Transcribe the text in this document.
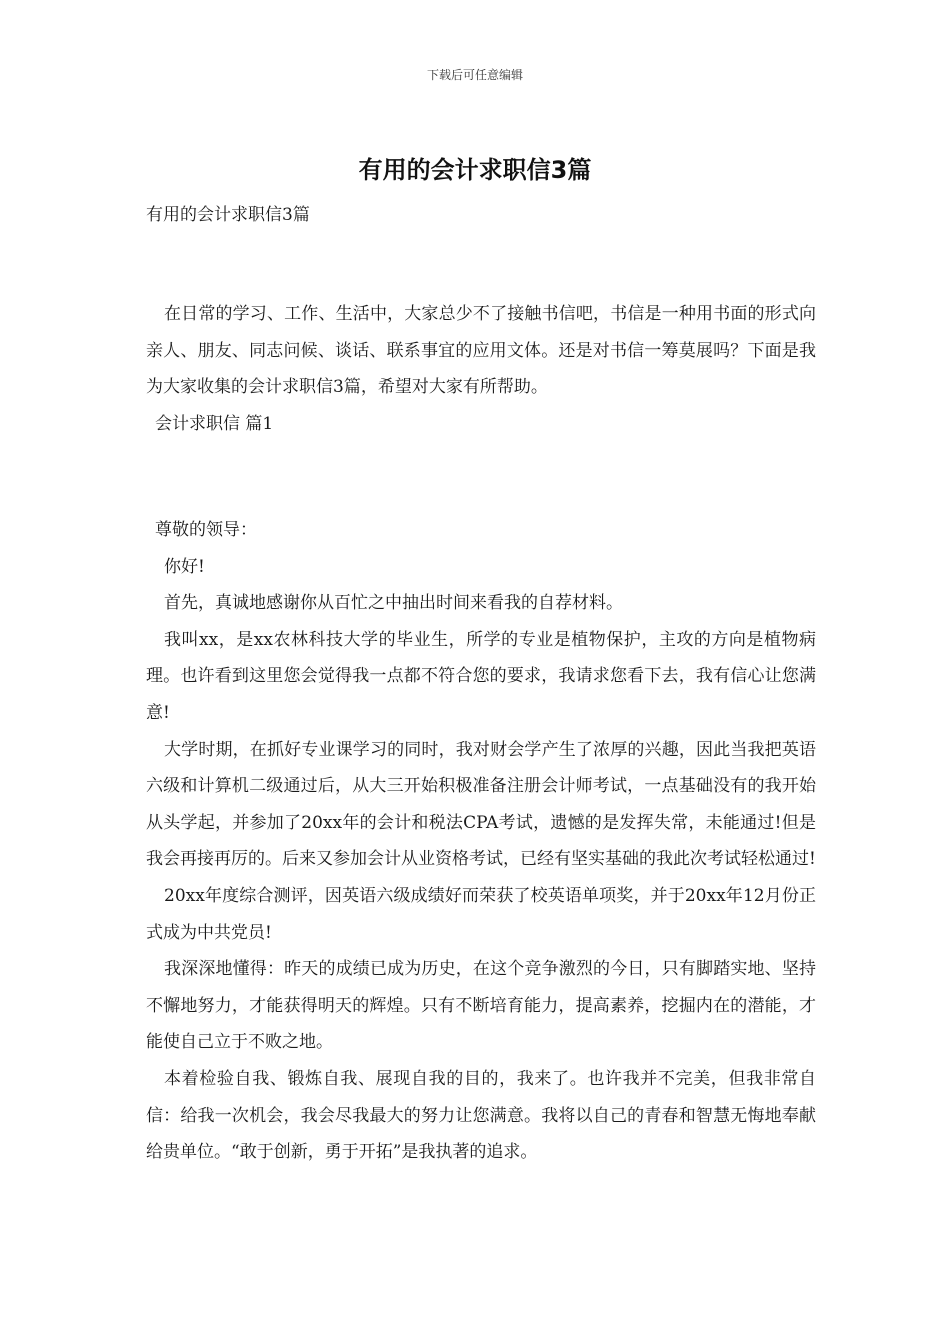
下载后可任意编辑
有用的会计求职信3篇
有用的会计求职信3篇

在日常的学习、工作、生活中，大家总少不了接触书信吧，书信是一种用书面的形式向亲人、朋友、同志问候、谈话、联系事宜的应用文体。还是对书信一筹莫展吗？下面是我为大家收集的会计求职信3篇，希望对大家有所帮助。

会计求职信 篇1

尊敬的领导：

你好!

首先，真诚地感谢你从百忙之中抽出时间来看我的自荐材料。

我叫xx，是xx农林科技大学的毕业生，所学的专业是植物保护，主攻的方向是植物病理。也许看到这里您会觉得我一点都不符合您的要求，我请求您看下去，我有信心让您满意!

大学时期，在抓好专业课学习的同时，我对财会学产生了浓厚的兴趣，因此当我把英语六级和计算机二级通过后，从大三开始积极准备注册会计师考试，一点基础没有的我开始从头学起，并参加了20xx年的会计和税法CPA考试，遗憾的是发挥失常，未能通过!但是我会再接再厉的。后来又参加会计从业资格考试，已经有坚实基础的我此次考试轻松通过!

20xx年度综合测评，因英语六级成绩好而荣获了校英语单项奖，并于20xx年12月份正式成为中共党员!

我深深地懂得：昨天的成绩已成为历史，在这个竞争激烈的今日，只有脚踏实地、坚持不懈地努力，才能获得明天的辉煌。只有不断培育能力，提高素养，挖掘内在的潜能，才能使自己立于不败之地。

本着检验自我、锻炼自我、展现自我的目的，我来了。也许我并不完美，但我非常自信：给我一次机会，我会尽我最大的努力让您满意。我将以自己的青春和智慧无悔地奉献给贵单位。“敢于创新，勇于开拓”是我执著的追求。
